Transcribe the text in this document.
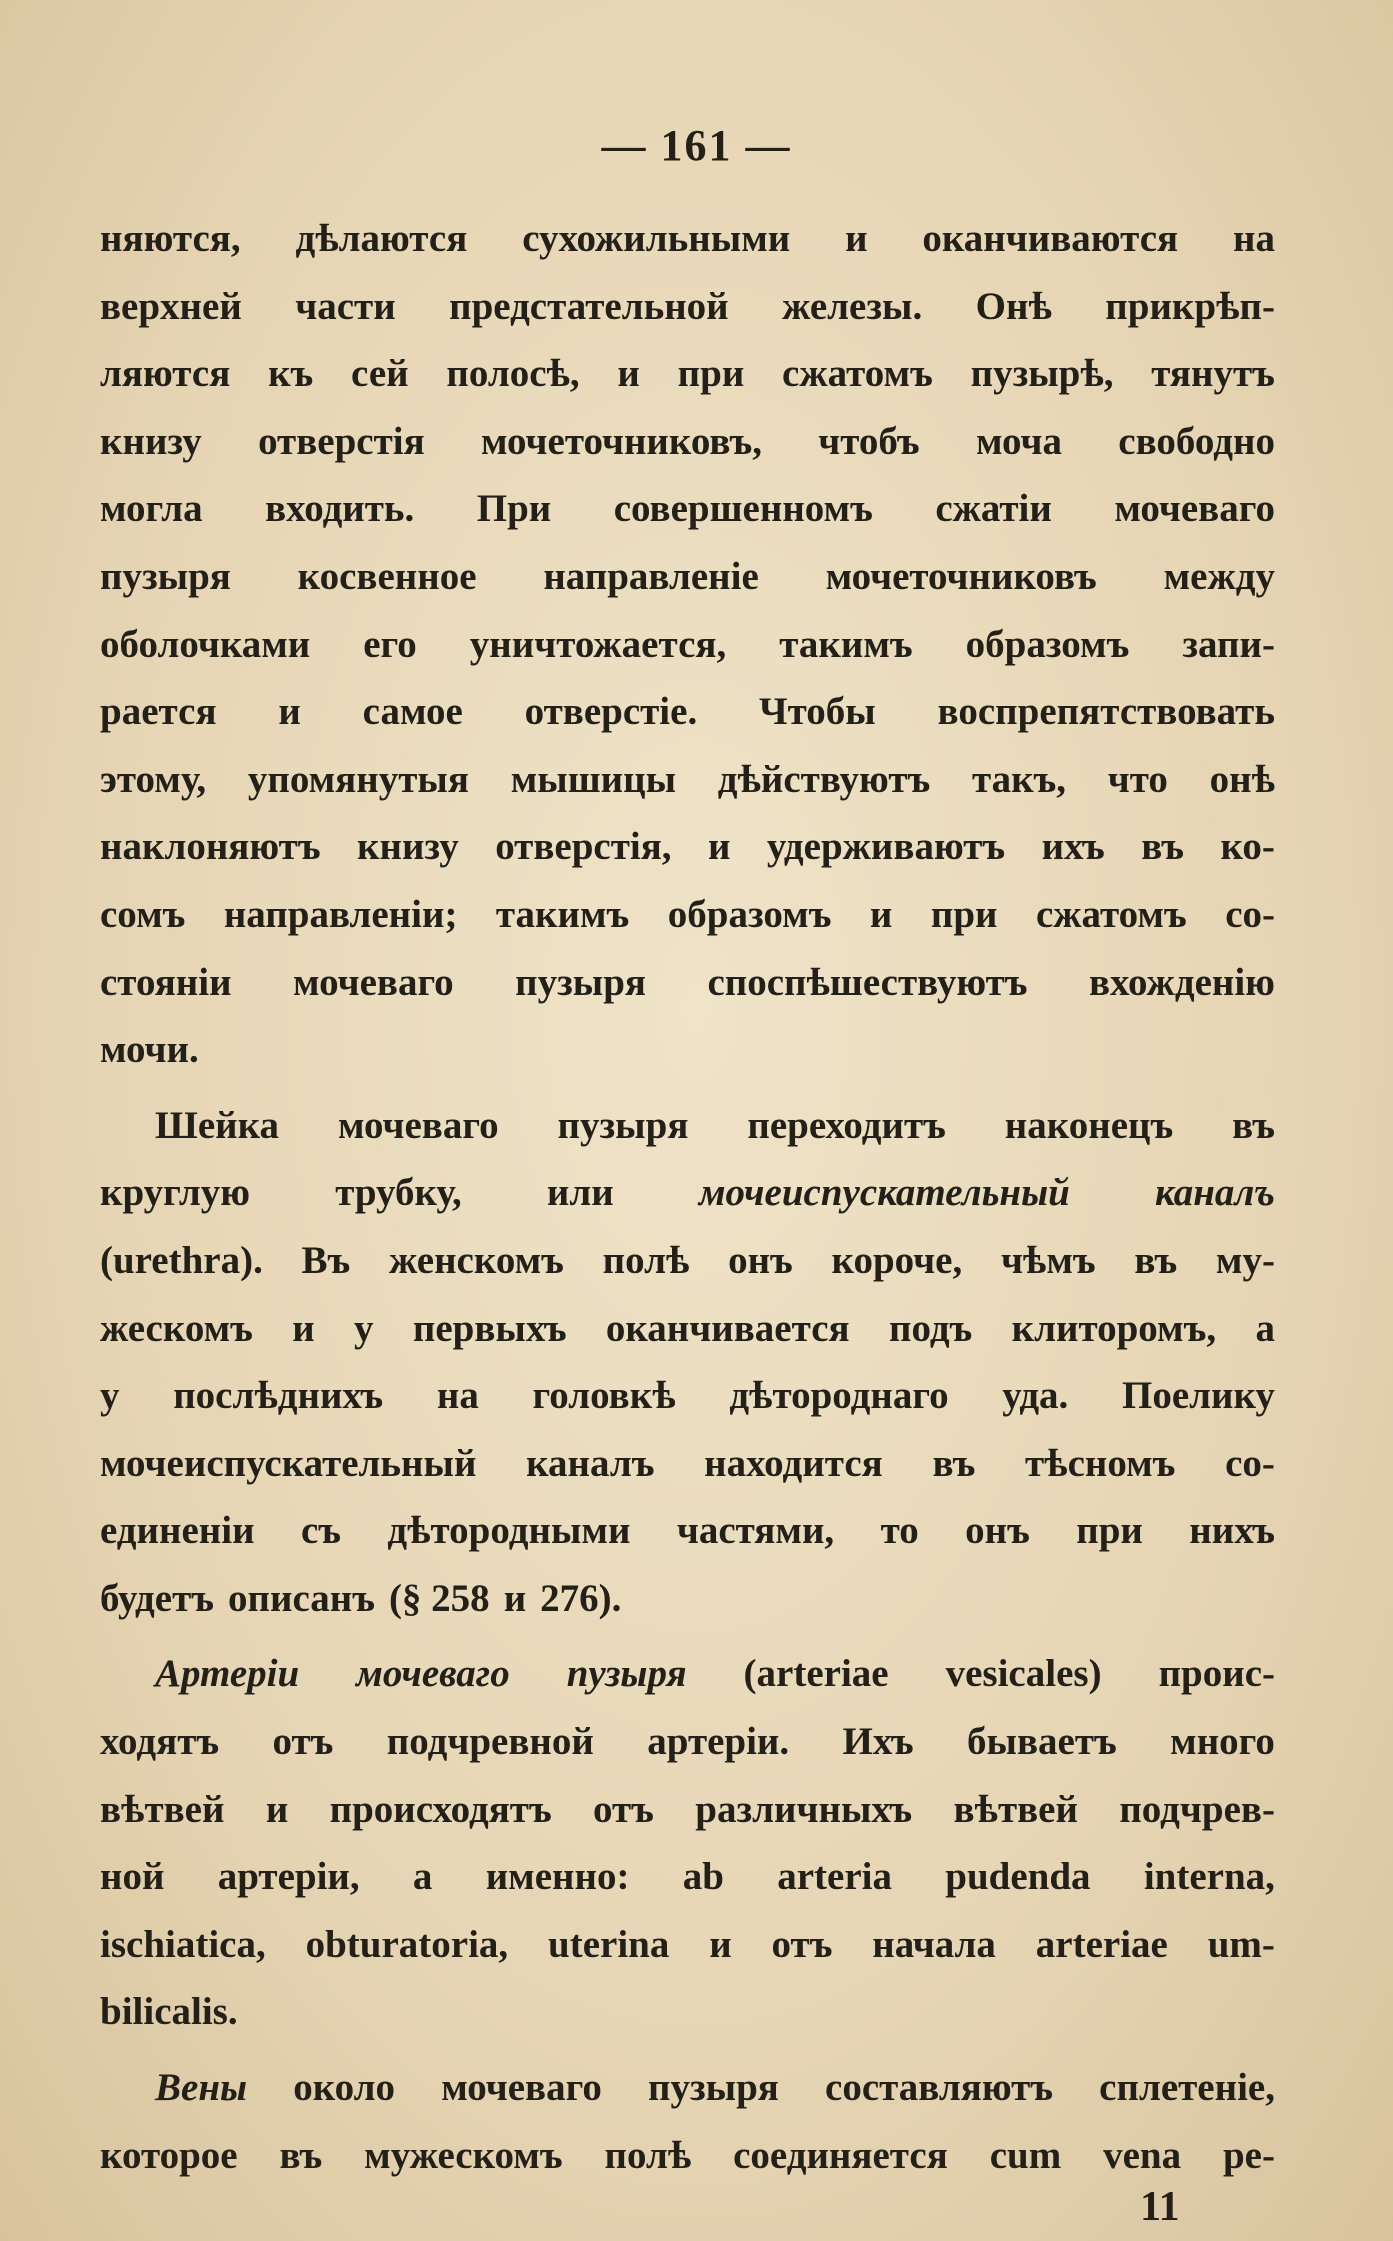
— 161 —
няются, дѣлаются сухожильными и оканчиваются на
верхней части предстательной железы. Онѣ прикрѣп-
ляются къ сей полосѣ, и при сжатомъ пузырѣ, тянутъ
книзу отверстія мочеточниковъ, чтобъ моча свободно
могла входить. При совершенномъ сжатіи мочеваго
пузыря косвенное направленіе мочеточниковъ между
оболочками его уничтожается, такимъ образомъ запи-
рается и самое отверстіе. Чтобы воспрепятствовать
этому, упомянутыя мышицы дѣйствуютъ такъ, что онѣ
наклоняютъ книзу отверстія, и удерживаютъ ихъ въ ко-
сомъ направленіи; такимъ образомъ и при сжатомъ со-
стояніи мочеваго пузыря споспѣшествуютъ вхожденію
мочи.
Шейка мочеваго пузыря переходитъ наконецъ въ
круглую трубку, или мочеиспускательный каналъ
(urethra). Въ женскомъ полѣ онъ короче, чѣмъ въ му-
жескомъ и у первыхъ оканчивается подъ клиторомъ, а
у послѣднихъ на головкѣ дѣтороднаго уда. Поелику
мочеиспускательный каналъ находится въ тѣсномъ со-
единеніи съ дѣтородными частями, то онъ при нихъ
будетъ описанъ (§ 258 и 276).
Артеріи мочеваго пузыря (arteriae vesicales) проис-
ходятъ отъ подчревной артеріи. Ихъ бываетъ много
вѣтвей и происходятъ отъ различныхъ вѣтвей подчрев-
ной артеріи, а именно: ab arteria pudenda interna,
ischiatica, obturatoria, uterina и отъ начала arteriae um-
bilicalis.
Вены около мочеваго пузыря составляютъ сплетеніе,
которое въ мужескомъ полѣ соединяется cum vena pe-
11
